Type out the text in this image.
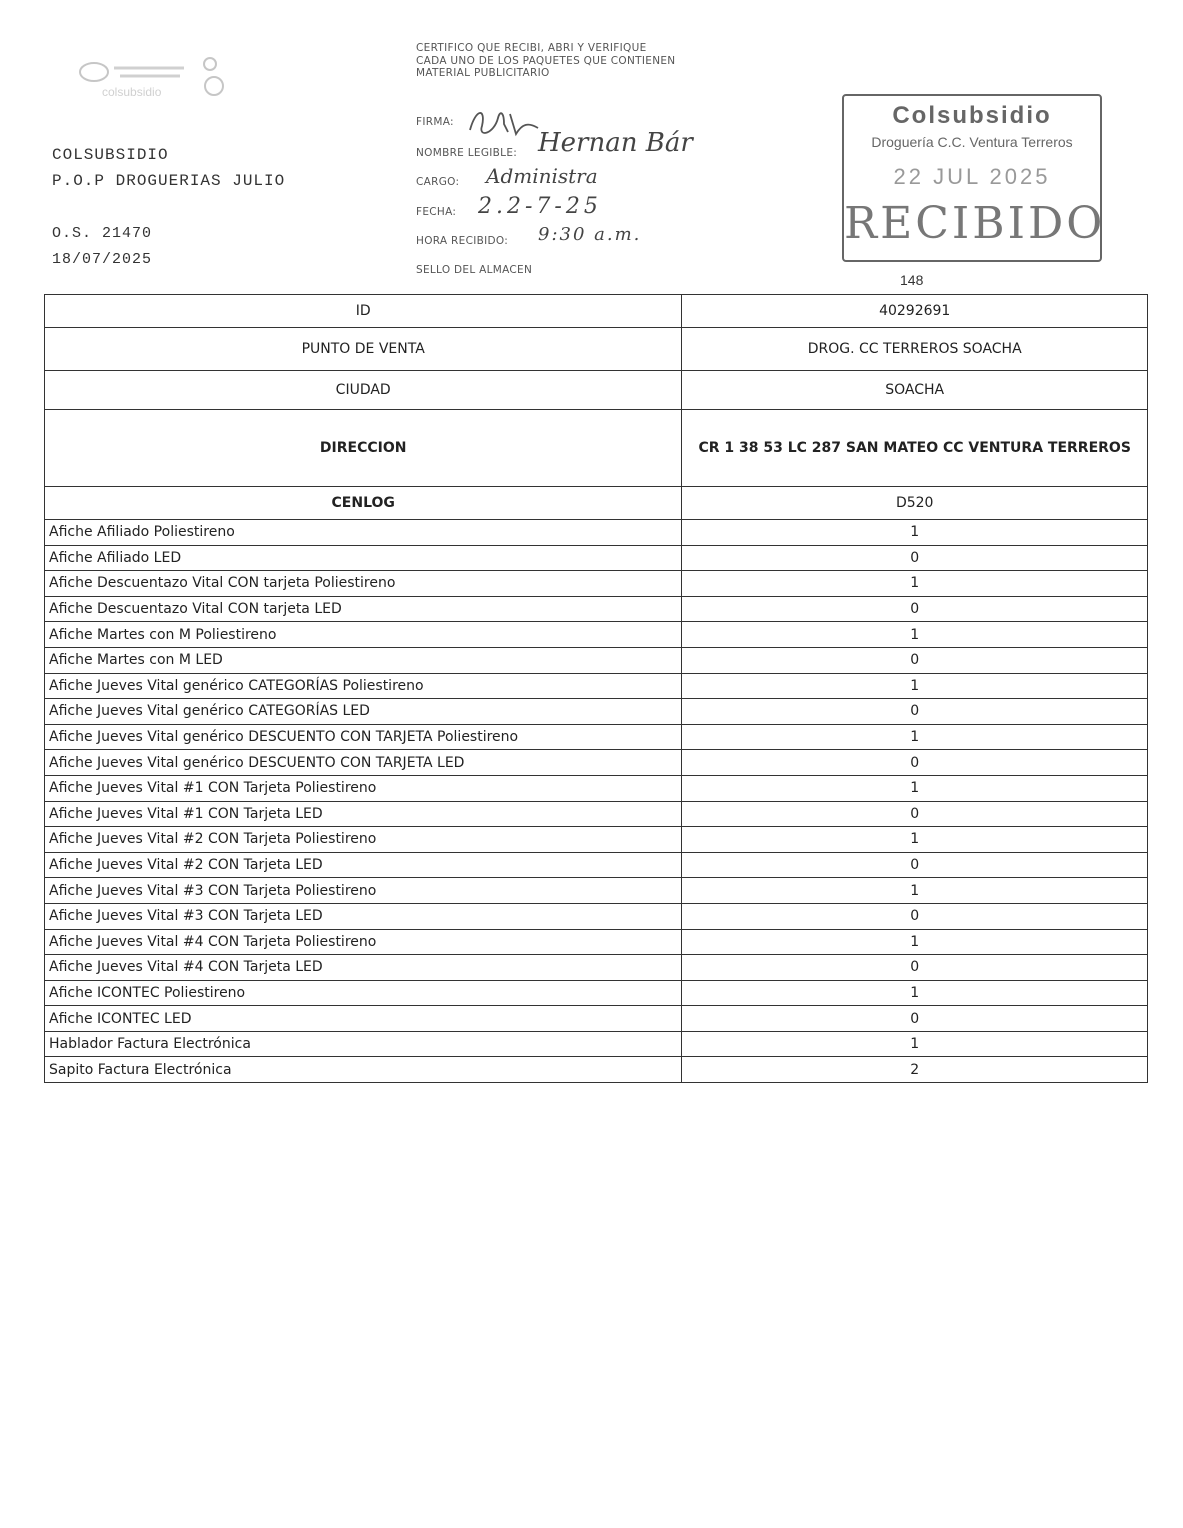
colsubsidio
COLSUBSIDIO
P.O.P DROGUERIAS JULIO
O.S. 21470
18/07/2025
CERTIFICO QUE RECIBI, ABRI Y VERIFIQUE CADA UNO DE LOS PAQUETES QUE CONTIENEN MATERIAL PUBLICITARIO
FIRMA:
NOMBRE LEGIBLE: Hernan Bár
CARGO: Administra
FECHA: 2.2-7-25
HORA RECIBIDO: 9:30 a.m.
SELLO DEL ALMACEN
Colsubsidio
Droguería C.C. Ventura Terreros
22 JUL 2025
RECIBIDO
148
ID	40292691
PUNTO DE VENTA	DROG. CC TERREROS SOACHA
CIUDAD	SOACHA
DIRECCION	CR 1 38 53 LC 287 SAN MATEO CC VENTURA TERREROS
CENLOG	D520
Afiche Afiliado Poliestireno	1
Afiche Afiliado LED	0
Afiche Descuentazo Vital CON tarjeta Poliestireno	1
Afiche Descuentazo Vital CON tarjeta LED	0
Afiche Martes con M Poliestireno	1
Afiche Martes con M LED	0
Afiche Jueves Vital genérico CATEGORÍAS Poliestireno	1
Afiche Jueves Vital genérico CATEGORÍAS LED	0
Afiche Jueves Vital genérico DESCUENTO CON TARJETA Poliestireno	1
Afiche Jueves Vital genérico DESCUENTO CON TARJETA LED	0
Afiche Jueves Vital #1 CON Tarjeta Poliestireno	1
Afiche Jueves Vital #1 CON Tarjeta LED	0
Afiche Jueves Vital #2 CON Tarjeta Poliestireno	1
Afiche Jueves Vital #2 CON Tarjeta LED	0
Afiche Jueves Vital #3 CON Tarjeta Poliestireno	1
Afiche Jueves Vital #3 CON Tarjeta LED	0
Afiche Jueves Vital #4 CON Tarjeta Poliestireno	1
Afiche Jueves Vital #4 CON Tarjeta LED	0
Afiche ICONTEC Poliestireno	1
Afiche ICONTEC LED	0
Hablador Factura Electrónica	1
Sapito Factura Electrónica	2
